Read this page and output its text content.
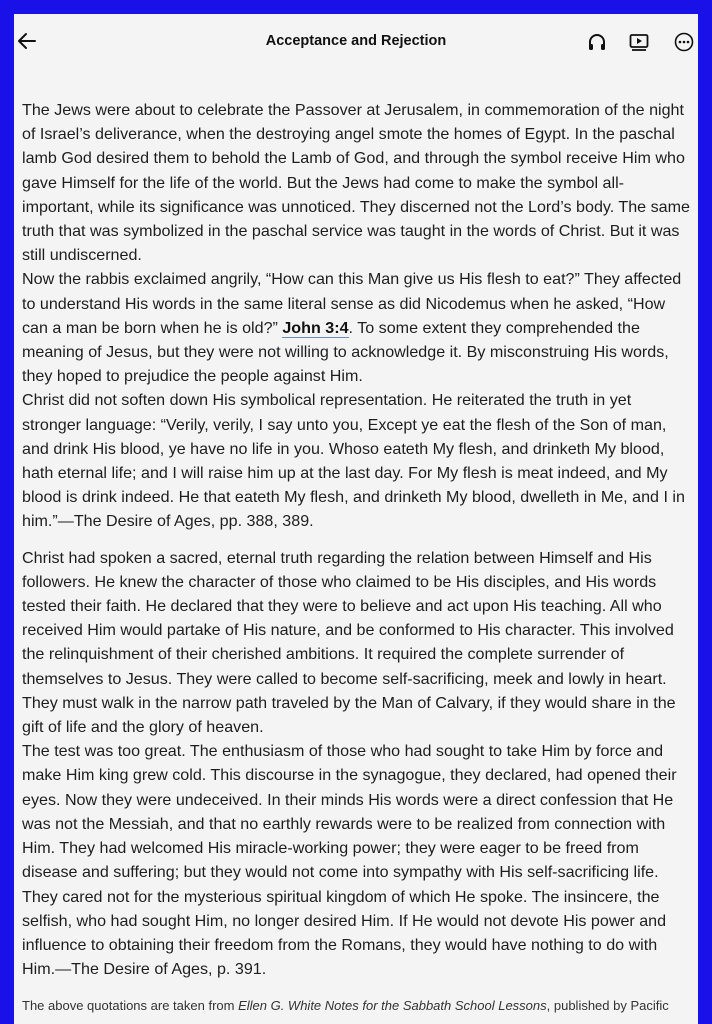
Acceptance and Rejection

The Jews were about to celebrate the Passover at Jerusalem, in commemoration of the night of Israel’s deliverance, when the destroying angel smote the homes of Egypt. In the paschal lamb God desired them to behold the Lamb of God, and through the symbol receive Him who gave Himself for the life of the world. But the Jews had come to make the symbol all-important, while its significance was unnoticed. They discerned not the Lord’s body. The same truth that was symbolized in the paschal service was taught in the words of Christ. But it was still undiscerned.

Now the rabbis exclaimed angrily, “How can this Man give us His flesh to eat?” They affected to understand His words in the same literal sense as did Nicodemus when he asked, “How can a man be born when he is old?” John 3:4. To some extent they comprehended the meaning of Jesus, but they were not willing to acknowledge it. By misconstruing His words, they hoped to prejudice the people against Him.

Christ did not soften down His symbolical representation. He reiterated the truth in yet stronger language: “Verily, verily, I say unto you, Except ye eat the flesh of the Son of man, and drink His blood, ye have no life in you. Whoso eateth My flesh, and drinketh My blood, hath eternal life; and I will raise him up at the last day. For My flesh is meat indeed, and My blood is drink indeed. He that eateth My flesh, and drinketh My blood, dwelleth in Me, and I in him.”—The Desire of Ages, pp. 388, 389.

Christ had spoken a sacred, eternal truth regarding the relation between Himself and His followers. He knew the character of those who claimed to be His disciples, and His words tested their faith. He declared that they were to believe and act upon His teaching. All who received Him would partake of His nature, and be conformed to His character. This involved the relinquishment of their cherished ambitions. It required the complete surrender of themselves to Jesus. They were called to become self-sacrificing, meek and lowly in heart. They must walk in the narrow path traveled by the Man of Calvary, if they would share in the gift of life and the glory of heaven.

The test was too great. The enthusiasm of those who had sought to take Him by force and make Him king grew cold. This discourse in the synagogue, they declared, had opened their eyes. Now they were undeceived. In their minds His words were a direct confession that He was not the Messiah, and that no earthly rewards were to be realized from connection with Him. They had welcomed His miracle-working power; they were eager to be freed from disease and suffering; but they would not come into sympathy with His self-sacrificing life. They cared not for the mysterious spiritual kingdom of which He spoke. The insincere, the selfish, who had sought Him, no longer desired Him. If He would not devote His power and influence to obtaining their freedom from the Romans, they would have nothing to do with Him.—The Desire of Ages, p. 391.

The above quotations are taken from Ellen G. White Notes for the Sabbath School Lessons, published by Pacific
